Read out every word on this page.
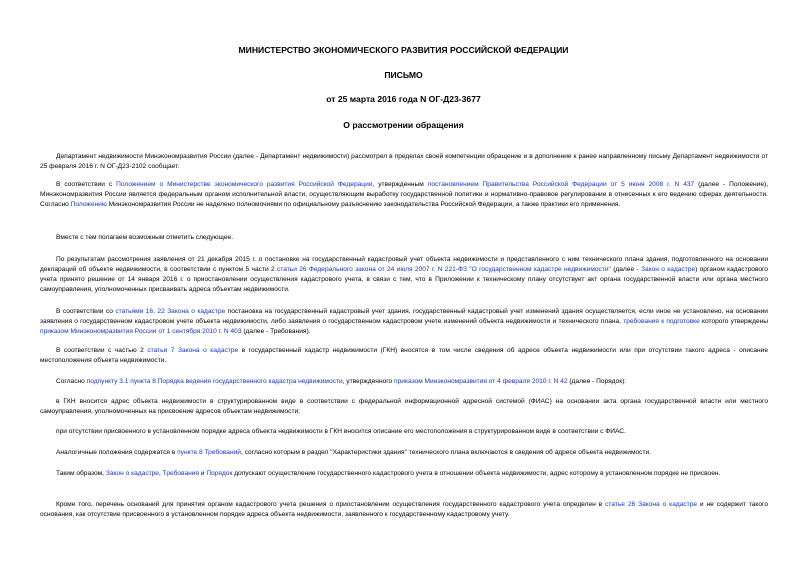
МИНИСТЕРСТВО ЭКОНОМИЧЕСКОГО РАЗВИТИЯ РОССИЙСКОЙ ФЕДЕРАЦИИ
ПИСЬМО
от 25 марта 2016 года N ОГ-Д23-3677
О рассмотрении обращения
Департамент недвижимости Минэкономразвития России (далее - Департамент недвижимости) рассмотрел в пределах своей компетенции обращение и в дополнение к ранее направленному письму Департамент недвижимости от 25 февраля 2016 г. N ОГ-Д23-2102 сообщает.
В соответствии с Положением о Министерстве экономического развития Российской Федерации, утвержденным постановлением Правительства Российской Федерации от 5 июня 2008 г. N 437 (далее - Положение), Минэкономразвития России является федеральным органом исполнительной власти, осуществляющим выработку государственной политики и нормативно-правовое регулирование в отнесенных к его ведению сферах деятельности. Согласно Положению Минэкономразвития России не наделено полномочиями по официальному разъяснению законодательства Российской Федерации, а также практики его применения.
Вместе с тем полагаем возможным отметить следующее.
По результатам рассмотрения заявления от 21 декабря 2015 г. о постановке на государственный кадастровый учет объекта недвижимости и представленного с ним технического плана здания, подготовленного на основании деклараций об объекте недвижимости, в соответствии с пунктом 5 части 2 статьи 26 Федерального закона от 24 июля 2007 г. N 221-ФЗ "О государственном кадастре недвижимости" (далее - Закон о кадастре) органом кадастрового учета принято решение от 14 января 2016 г. о приостановлении осуществления кадастрового учета, в связи с тем, что в Приложении к техническому плану отсутствует акт органа государственной власти или органа местного самоуправления, уполномоченных присваивать адреса объектам недвижимости.
В соответствии со статьями 16, 22 Закона о кадастре постановка на государственный кадастровый учет здания, государственный кадастровый учет изменений здания осуществляется, если иное не установлено, на основании заявления о государственном кадастровом учете объекта недвижимости, либо заявления о государственном кадастровом учете изменений объекта недвижимости и технического плана, требования к подготовке которого утверждены приказом Минэкономразвития России от 1 сентября 2010 г. N 403 (далее - Требования).
В соответствии с частью 2 статьи 7 Закона о кадастре в государственный кадастр недвижимости (ГКН) вносятся в том числе сведения об адресе объекта недвижимости или при отсутствии такого адреса - описание местоположения объекта недвижимости.
Согласно подпункту 3.1 пункта 8 Порядка ведения государственного кадастра недвижимости, утвержденного приказом Минэкономразвития от 4 февраля 2010 г. N 42 (далее - Порядок):
в ГКН вносится адрес объекта недвижимости в структурированном виде в соответствии с федеральной информационной адресной системой (ФИАС) на основании акта органа государственной власти или местного самоуправления, уполномоченных на присвоение адресов объектам недвижимости;
при отсутствии присвоенного в установленном порядке адреса объекта недвижимости в ГКН вносится описание его местоположения в структурированном виде в соответствии с ФИАС.
Аналогичные положения содержатся в пункте 8 Требований, согласно которым в раздел "Характеристики здания" технического плана включаются в сведения об адресе объекта недвижимости.
Таким образом, Закон о кадастре, Требования и Порядок допускают осуществление государственного кадастрового учета в отношении объекта недвижимости, адрес которому в установленном порядке не присвоен.
Кроме того, перечень оснований для принятия органом кадастрового учета решения о приостановлении осуществления государственного кадастрового учета определен в статье 26 Закона о кадастре и не содержит такого основания, как отсутствие присвоенного в установленном порядке адреса объекта недвижимости, заявленного к государственному кадастровому учету.
